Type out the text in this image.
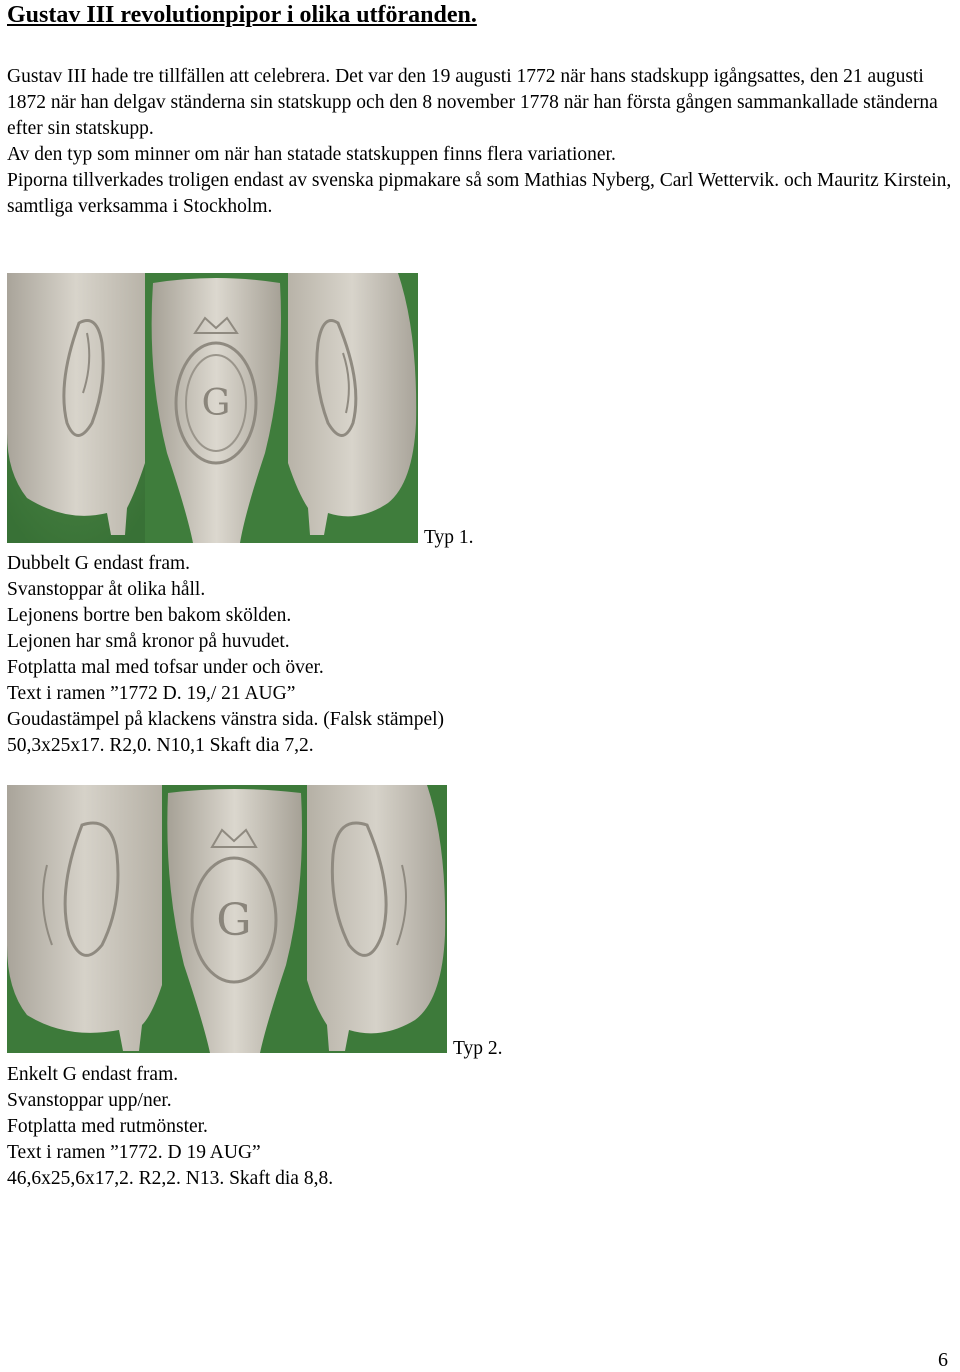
Gustav III revolutionpipor i olika utföranden.

Gustav III hade tre tillfällen att celebrera. Det var den 19 augusti 1772 när hans stadskupp igångsattes, den 21 augusti 1872 när han delgav ständerna sin statskupp och den 8 november 1778 när han första gången sammankallade ständerna efter sin statskupp.

Av den typ som minner om när han statade statskuppen finns flera variationer.

Piporna tillverkades troligen endast av svenska pipmakare så som Mathias Nyberg, Carl Wettervik. och Mauritz Kirstein, samtliga verksamma i Stockholm.

G
Typ 1.
Dubbelt G endast fram.
Svanstoppar åt olika håll.
Lejonens bortre ben bakom skölden.
Lejonen har små kronor på huvudet.
Fotplatta mal med tofsar under och över.
Text i ramen ”1772 D. 19,/ 21 AUG”
Goudastämpel på klackens vänstra sida. (Falsk stämpel)
50,3x25x17. R2,0. N10,1 Skaft dia 7,2.
G
Typ 2.
Enkelt G endast fram.
Svanstoppar upp/ner.
Fotplatta med rutmönster.
Text i ramen ”1772. D 19 AUG”
46,6x25,6x17,2. R2,2. N13. Skaft dia 8,8.
6
